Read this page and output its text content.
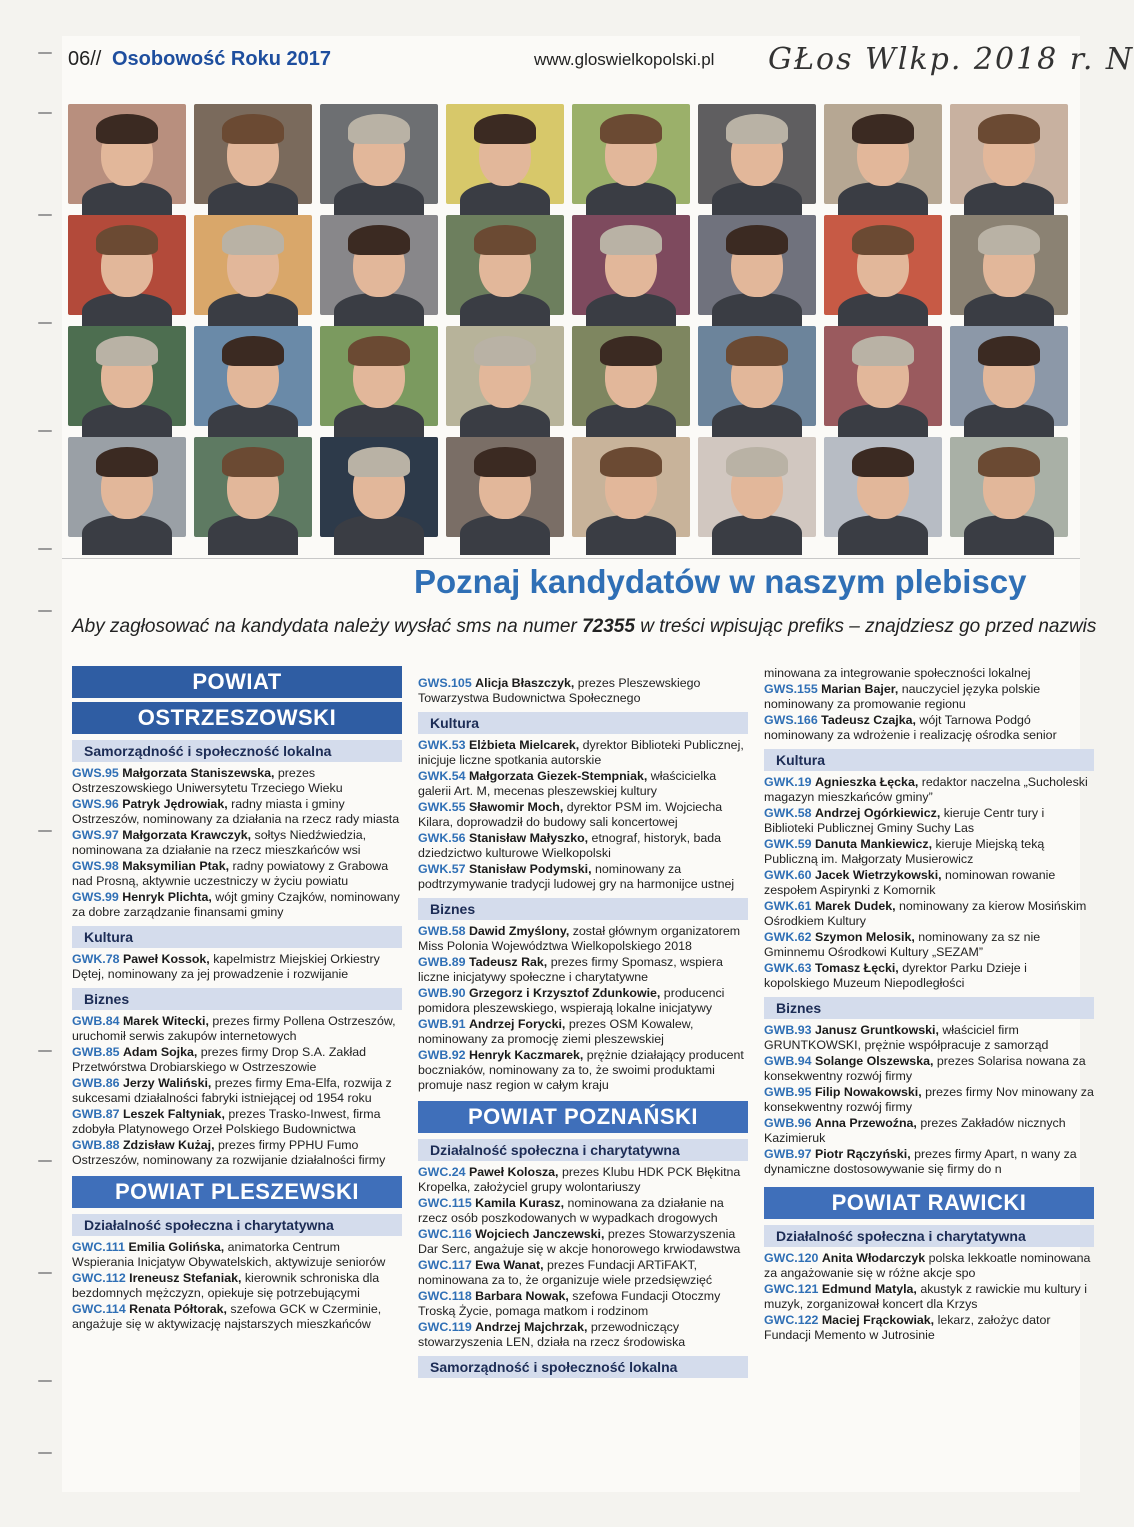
06// Osobowość Roku 2017	www.gloswielkopolski.pl GŁos Wlkp. 2018 r. N
Poznaj kandydatów w naszym plebiscy
Aby zagłosować na kandydata należy wysłać sms na numer 72355 w treści wpisując prefiks – znajdziesz go przed nazwis
POWIAT
OSTRZESZOWSKI
Samorządność i społeczność lokalna
GWS.95 Małgorzata Staniszewska, prezes Ostrzeszowskiego Uniwersytetu Trzeciego Wieku
GWS.96 Patryk Jędrowiak, radny miasta i gminy Ostrzeszów, nominowany za działania na rzecz rady miasta
GWS.97 Małgorzata Krawczyk, sołtys Niedźwiedzia, nominowana za działanie na rzecz mieszkańców wsi
GWS.98 Maksymilian Ptak, radny powiatowy z Grabowa nad Prosną, aktywnie uczestniczy w życiu powiatu
GWS.99 Henryk Plichta, wójt gminy Czajków, nominowany za dobre zarządzanie finansami gminy
Kultura
GWK.78 Paweł Kossok, kapelmistrz Miejskiej Orkiestry Dętej, nominowany za jej prowadzenie i rozwijanie
Biznes
GWB.84 Marek Witecki, prezes firmy Pollena Ostrzeszów, uruchomił serwis zakupów internetowych
GWB.85 Adam Sojka, prezes firmy Drop S.A. Zakład Przetwórstwa Drobiarskiego w Ostrzeszowie
GWB.86 Jerzy Waliński, prezes firmy Ema-Elfa, rozwija z sukcesami działalności fabryki istniejącej od 1954 roku
GWB.87 Leszek Faltyniak, prezes Trasko-Inwest, firma zdobyła Platynowego Orzeł Polskiego Budownictwa
GWB.88 Zdzisław Kużaj, prezes firmy PPHU Fumo Ostrzeszów, nominowany za rozwijanie działalności firmy
POWIAT PLESZEWSKI
Działalność społeczna i charytatywna
GWC.111 Emilia Golińska, animatorka Centrum Wspierania Inicjatyw Obywatelskich, aktywizuje seniorów
GWC.112 Ireneusz Stefaniak, kierownik schroniska dla bezdomnych mężczyzn, opiekuje się potrzebującymi
GWC.114 Renata Półtorak, szefowa GCK w Czerminie, angażuje się w aktywizację najstarszych mieszkańców
GWS.105 Alicja Błaszczyk, prezes Pleszewskiego Towarzystwa Budownictwa Społecznego
Kultura
GWK.53 Elżbieta Mielcarek, dyrektor Biblioteki Publicznej, inicjuje liczne spotkania autorskie
GWK.54 Małgorzata Giezek-Stempniak, właścicielka galerii Art. M, mecenas pleszewskiej kultury
GWK.55 Sławomir Moch, dyrektor PSM im. Wojciecha Kilara, doprowadził do budowy sali koncertowej
GWK.56 Stanisław Małyszko, etnograf, historyk, bada dziedzictwo kulturowe Wielkopolski
GWK.57 Stanisław Podymski, nominowany za podtrzymywanie tradycji ludowej gry na harmonijce ustnej
Biznes
GWB.58 Dawid Zmyślony, został głównym organizatorem Miss Polonia Województwa Wielkopolskiego 2018
GWB.89 Tadeusz Rak, prezes firmy Spomasz, wspiera liczne inicjatywy społeczne i charytatywne
GWB.90 Grzegorz i Krzysztof Zdunkowie, producenci pomidora pleszewskiego, wspierają lokalne inicjatywy
GWB.91 Andrzej Forycki, prezes OSM Kowalew, nominowany za promocję ziemi pleszewskiej
GWB.92 Henryk Kaczmarek, prężnie działający producent boczniaków, nominowany za to, że swoimi produktami promuje nasz region w całym kraju
POWIAT POZNAŃSKI
Działalność społeczna i charytatywna
GWC.24 Paweł Kolosza, prezes Klubu HDK PCK Błękitna Kropelka, założyciel grupy wolontariuszy
GWC.115 Kamila Kurasz, nominowana za działanie na rzecz osób poszkodowanych w wypadkach drogowych
GWC.116 Wojciech Janczewski, prezes Stowarzyszenia Dar Serc, angażuje się w akcje honorowego krwiodawstwa
GWC.117 Ewa Wanat, prezes Fundacji ARTiFAKT, nominowana za to, że organizuje wiele przedsięwzięć
GWC.118 Barbara Nowak, szefowa Fundacji Otoczmy Troską Życie, pomaga matkom i rodzinom
GWC.119 Andrzej Majchrzak, przewodniczący stowarzyszenia LEN, działa na rzecz środowiska
Samorządność i społeczność lokalna
minowana za integrowanie społeczności lokalnej
GWS.155 Marian Bajer, nauczyciel języka polskie nominowany za promowanie regionu
GWS.166 Tadeusz Czajka, wójt Tarnowa Podgó nominowany za wdrożenie i realizację ośrodka senior
Kultura
GWK.19 Agnieszka Łęcka, redaktor naczelna „Sucholeski magazyn mieszkańców gminy”
GWK.58 Andrzej Ogórkiewicz, kieruje Centr tury i Biblioteki Publicznej Gminy Suchy Las
GWK.59 Danuta Mankiewicz, kieruje Miejską teką Publiczną im. Małgorzaty Musierowicz
GWK.60 Jacek Wietrzykowski, nominowan rowanie zespołem Aspirynki z Komornik
GWK.61 Marek Dudek, nominowany za kierow Mosińskim Ośrodkiem Kultury
GWK.62 Szymon Melosik, nominowany za sz nie Gminnemu Ośrodkowi Kultury „SEZAM”
GWK.63 Tomasz Łęcki, dyrektor Parku Dzieje i kopolskiego Muzeum Niepodległości
Biznes
GWB.93 Janusz Gruntkowski, właściciel firm GRUNTKOWSKI, prężnie współpracuje z samorząd
GWB.94 Solange Olszewska, prezes Solarisa nowana za konsekwentny rozwój firmy
GWB.95 Filip Nowakowski, prezes firmy Nov minowany za konsekwentny rozwój firmy
GWB.96 Anna Przewoźna, prezes Zakładów nicznych Kazimieruk
GWB.97 Piotr Rączyński, prezes firmy Apart, n wany za dynamiczne dostosowywanie się firmy do n
POWIAT RAWICKI
Działalność społeczna i charytatywna
GWC.120 Anita Włodarczyk polska lekkoatle nominowana za angażowanie się w różne akcje spo
GWC.121 Edmund Matyla, akustyk z rawickie mu kultury i muzyk, zorganizował koncert dla Krzys
GWC.122 Maciej Frąckowiak, lekarz, założyc dator Fundacji Memento w Jutrosinie
